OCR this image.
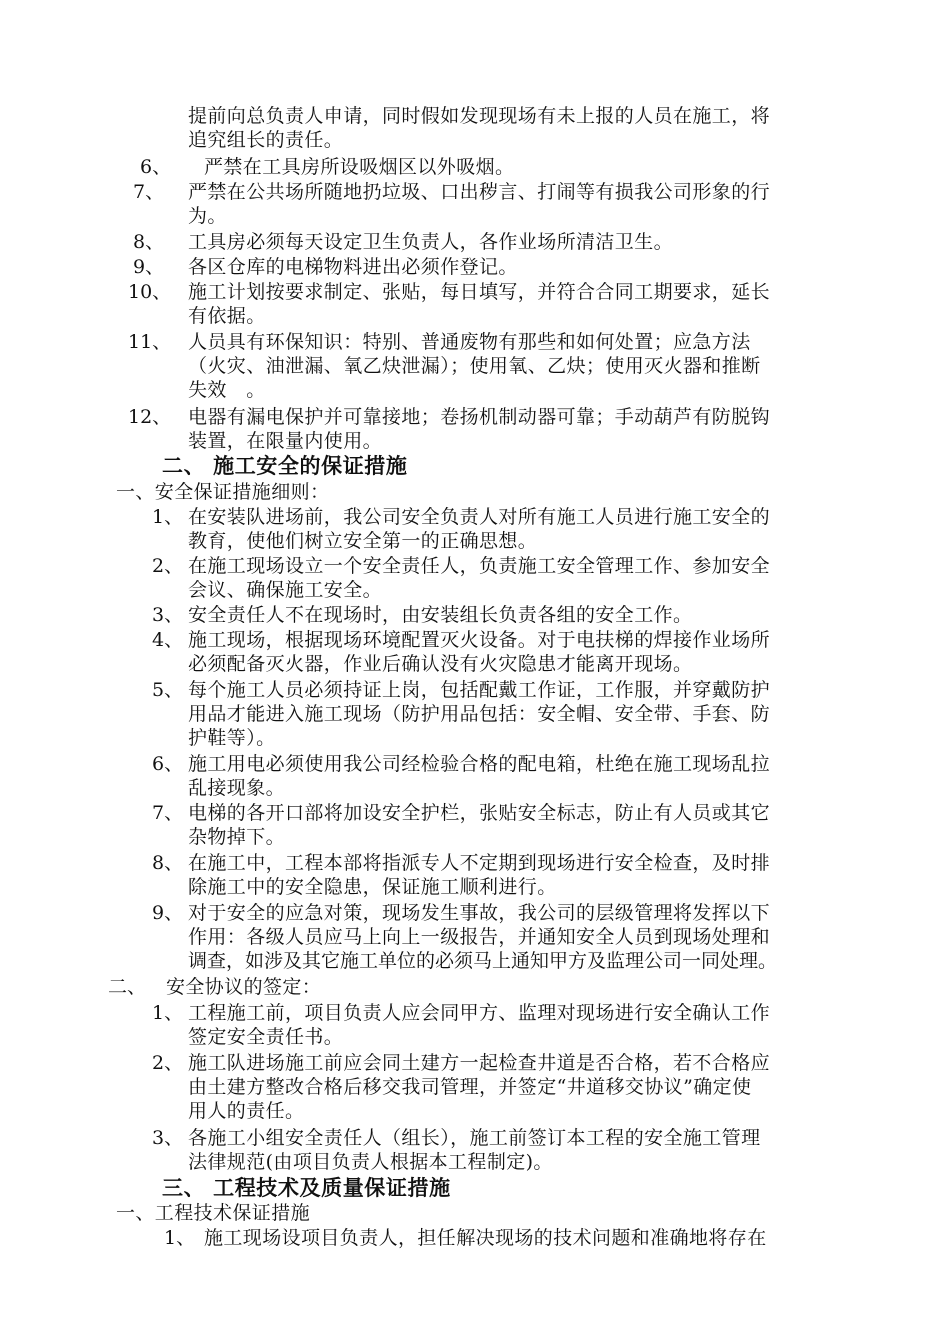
提前向总负责人申请，同时假如发现现场有未上报的人员在施工，将

追究组长的责任。

6、 严禁在工具房所设吸烟区以外吸烟。

7、 严禁在公共场所随地扔垃圾、口出秽言、打闹等有损我公司形象的行

为。

8、 工具房必须每天设定卫生负责人，各作业场所清洁卫生。

9、 各区仓库的电梯物料进出必须作登记。

10、 施工计划按要求制定、张贴，每日填写，并符合合同工期要求，延长

有依据。

11、 人员具有环保知识：特别、普通废物有那些和如何处置；应急方法

（火灾、油泄漏、氧乙炔泄漏）；使用氧、乙炔；使用灭火器和推断

失效　。

12、 电器有漏电保护并可靠接地；卷扬机制动器可靠；手动葫芦有防脱钩

装置，在限量内使用。

二、 施工安全的保证措施

一、安全保证措施细则：

1、 在安装队进场前，我公司安全负责人对所有施工人员进行施工安全的

教育，使他们树立安全第一的正确思想。

2、 在施工现场设立一个安全责任人，负责施工安全管理工作、参加安全

会议、确保施工安全。

3、 安全责任人不在现场时，由安装组长负责各组的安全工作。

4、 施工现场，根据现场环境配置灭火设备。对于电扶梯的焊接作业场所

必须配备灭火器，作业后确认没有火灾隐患才能离开现场。

5、 每个施工人员必须持证上岗，包括配戴工作证，工作服，并穿戴防护

用品才能进入施工现场（防护用品包括：安全帽、安全带、手套、防

护鞋等）。

6、 施工用电必须使用我公司经检验合格的配电箱，杜绝在施工现场乱拉

乱接现象。

7、 电梯的各开口部将加设安全护栏，张贴安全标志，防止有人员或其它

杂物掉下。

8、 在施工中，工程本部将指派专人不定期到现场进行安全检查，及时排

除施工中的安全隐患，保证施工顺利进行。

9、 对于安全的应急对策，现场发生事故，我公司的层级管理将发挥以下

作用：各级人员应马上向上一级报告，并通知安全人员到现场处理和

调查，如涉及其它施工单位的必须马上通知甲方及监理公司一同处理。

二、 安全协议的签定：

1、 工程施工前，项目负责人应会同甲方、监理对现场进行安全确认工作

签定安全责任书。

2、 施工队进场施工前应会同土建方一起检查井道是否合格，若不合格应

由土建方整改合格后移交我司管理，并签定“井道移交协议”确定使

用人的责任。

3、 各施工小组安全责任人（组长），施工前签订本工程的安全施工管理

法律规范(由项目负责人根据本工程制定)。

三、 工程技术及质量保证措施

一、工程技术保证措施

1、 施工现场设项目负责人，担任解决现场的技术问题和准确地将存在
